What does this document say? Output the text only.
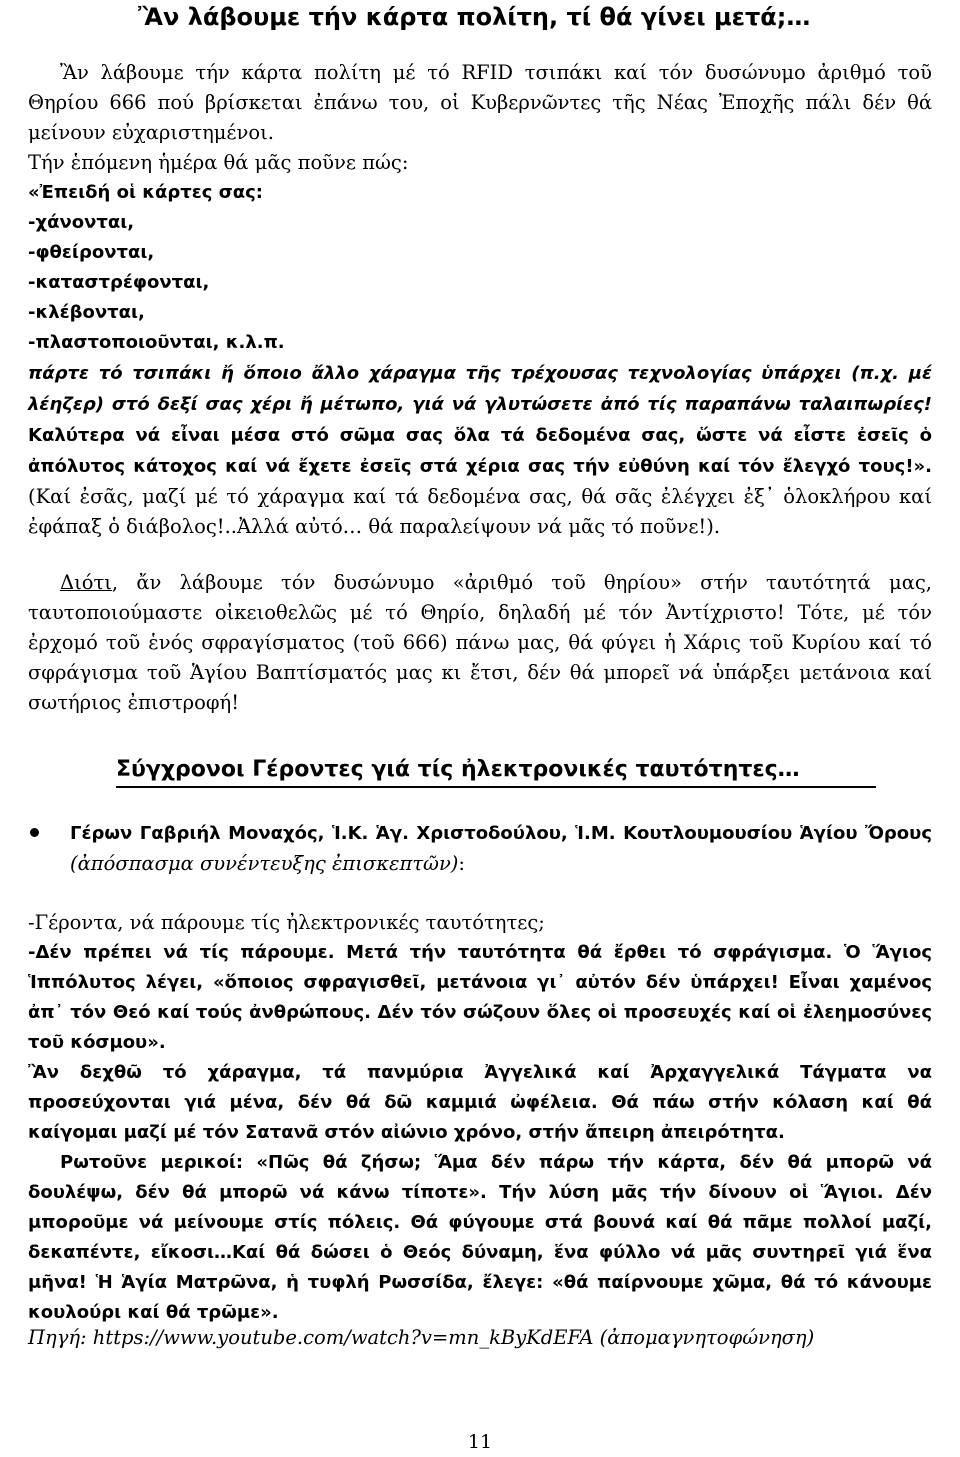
Ἂν λάβουμε τήν κάρτα πολίτη, τί θά γίνει μετά;…

Ἂν λάβουμε τήν κάρτα πολίτη μέ τό RFID τσιπάκι καί τόν δυσώνυμο ἀριθμό τοῦ Θηρίου 666 πού βρίσκεται ἐπάνω του, οἱ Κυβερνῶντες τῆς Νέας Ἐποχῆς πάλι δέν θά μείνουν εὐχαριστημένοι.

Τήν ἑπόμενη ἡμέρα θά μᾶς ποῦνε πώς:

«Ἐπειδή οἱ κάρτες σας:
-χάνονται,
-φθείρονται,
-καταστρέφονται,
-κλέβονται,
-πλαστοποιοῦνται, κ.λ.π.

πάρτε τό τσιπάκι ἤ ὅποιο ἄλλο χάραγμα τῆς τρέχουσας τεχνολογίας ὑπάρχει (π.χ. μέ λέηζερ) στό δεξί σας χέρι ἤ μέτωπο, γιά νά γλυτώσετε ἀπό τίς παραπάνω ταλαιπωρίες! Καλύτερα νά εἶναι μέσα στό σῶμα σας ὅλα τά δεδομένα σας, ὥστε νά εἶστε ἐσεῖς ὁ ἀπόλυτος κάτοχος καί νά ἔχετε ἐσεῖς στά χέρια σας τήν εὐθύνη καί τόν ἔλεγχό τους!». (Καί ἐσᾶς, μαζί μέ τό χάραγμα καί τά δεδομένα σας, θά σᾶς ἐλέγχει ἐξ᾽ ὁλοκλήρου καί ἐφάπαξ ὁ διάβολος!..Ἀλλά αὐτό… θά παραλείψουν νά μᾶς τό ποῦνε!).

Διότι, ἄν λάβουμε τόν δυσώνυμο «ἀριθμό τοῦ θηρίου» στήν ταυτότητά μας, ταυτοποιούμαστε οἰκειοθελῶς μέ τό Θηρίο, δηλαδή μέ τόν Ἀντίχριστο! Τότε, μέ τόν ἐρχομό τοῦ ἑνός σφραγίσματος (τοῦ 666) πάνω μας, θά φύγει ἡ Χάρις τοῦ Κυρίου καί τό σφράγισμα τοῦ Ἁγίου Βαπτίσματός μας κι ἔτσι, δέν θά μπορεῖ νά ὑπάρξει μετάνοια καί σωτήριος ἐπιστροφή!

Σύγχρονοι Γέροντες γιά τίς ἠλεκτρονικές ταυτότητες…

Γέρων Γαβριήλ Μοναχός, Ἱ.Κ. Ἁγ. Χριστοδούλου, Ἱ.Μ. Κουτλουμουσίου Ἁγίου Ὄρους (ἀπόσπασμα συνέντευξης ἐπισκεπτῶν):

-Γέροντα, νά πάρουμε τίς ἠλεκτρονικές ταυτότητες;

-Δέν πρέπει νά τίς πάρουμε. Μετά τήν ταυτότητα θά ἔρθει τό σφράγισμα. Ὁ Ἅγιος Ἱππόλυτος λέγει, «ὅποιος σφραγισθεῖ, μετάνοια γι᾽ αὐτόν δέν ὑπάρχει! Εἶναι χαμένος ἀπ᾽ τόν Θεό καί τούς ἀνθρώπους. Δέν τόν σώζουν ὅλες οἱ προσευχές καί οἱ ἐλεημοσύνες τοῦ κόσμου».

Ἂν δεχθῶ τό χάραγμα, τά πανμύρια Ἀγγελικά καί Ἀρχαγγελικά Τάγματα να προσεύχονται γιά μένα, δέν θά δῶ καμμιά ὠφέλεια. Θά πάω στήν κόλαση καί θά καίγομαι μαζί μέ τόν Σατανᾶ στόν αἰώνιο χρόνο, στήν ἄπειρη ἀπειρότητα.

Ρωτοῦνε μερικοί: «Πῶς θά ζήσω; Ἅμα δέν πάρω τήν κάρτα, δέν θά μπορῶ νά δουλέψω, δέν θά μπορῶ νά κάνω τίποτε». Τήν λύση μᾶς τήν δίνουν οἱ Ἅγιοι. Δέν μποροῦμε νά μείνουμε στίς πόλεις. Θά φύγουμε στά βουνά καί θά πᾶμε πολλοί μαζί, δεκαπέντε, εἴκοσι…Καί θά δώσει ὁ Θεός δύναμη, ἕνα φύλλο νά μᾶς συντηρεῖ γιά ἕνα μῆνα! Ἡ Ἁγία Ματρῶνα, ἡ τυφλή Ρωσσίδα, ἔλεγε: «θά παίρνουμε χῶμα, θά τό κάνουμε κουλούρι καί θά τρῶμε».

Πηγή: https://www.youtube.com/watch?v=mn_kByKdEFA (ἀπομαγνητοφώνηση)

11
